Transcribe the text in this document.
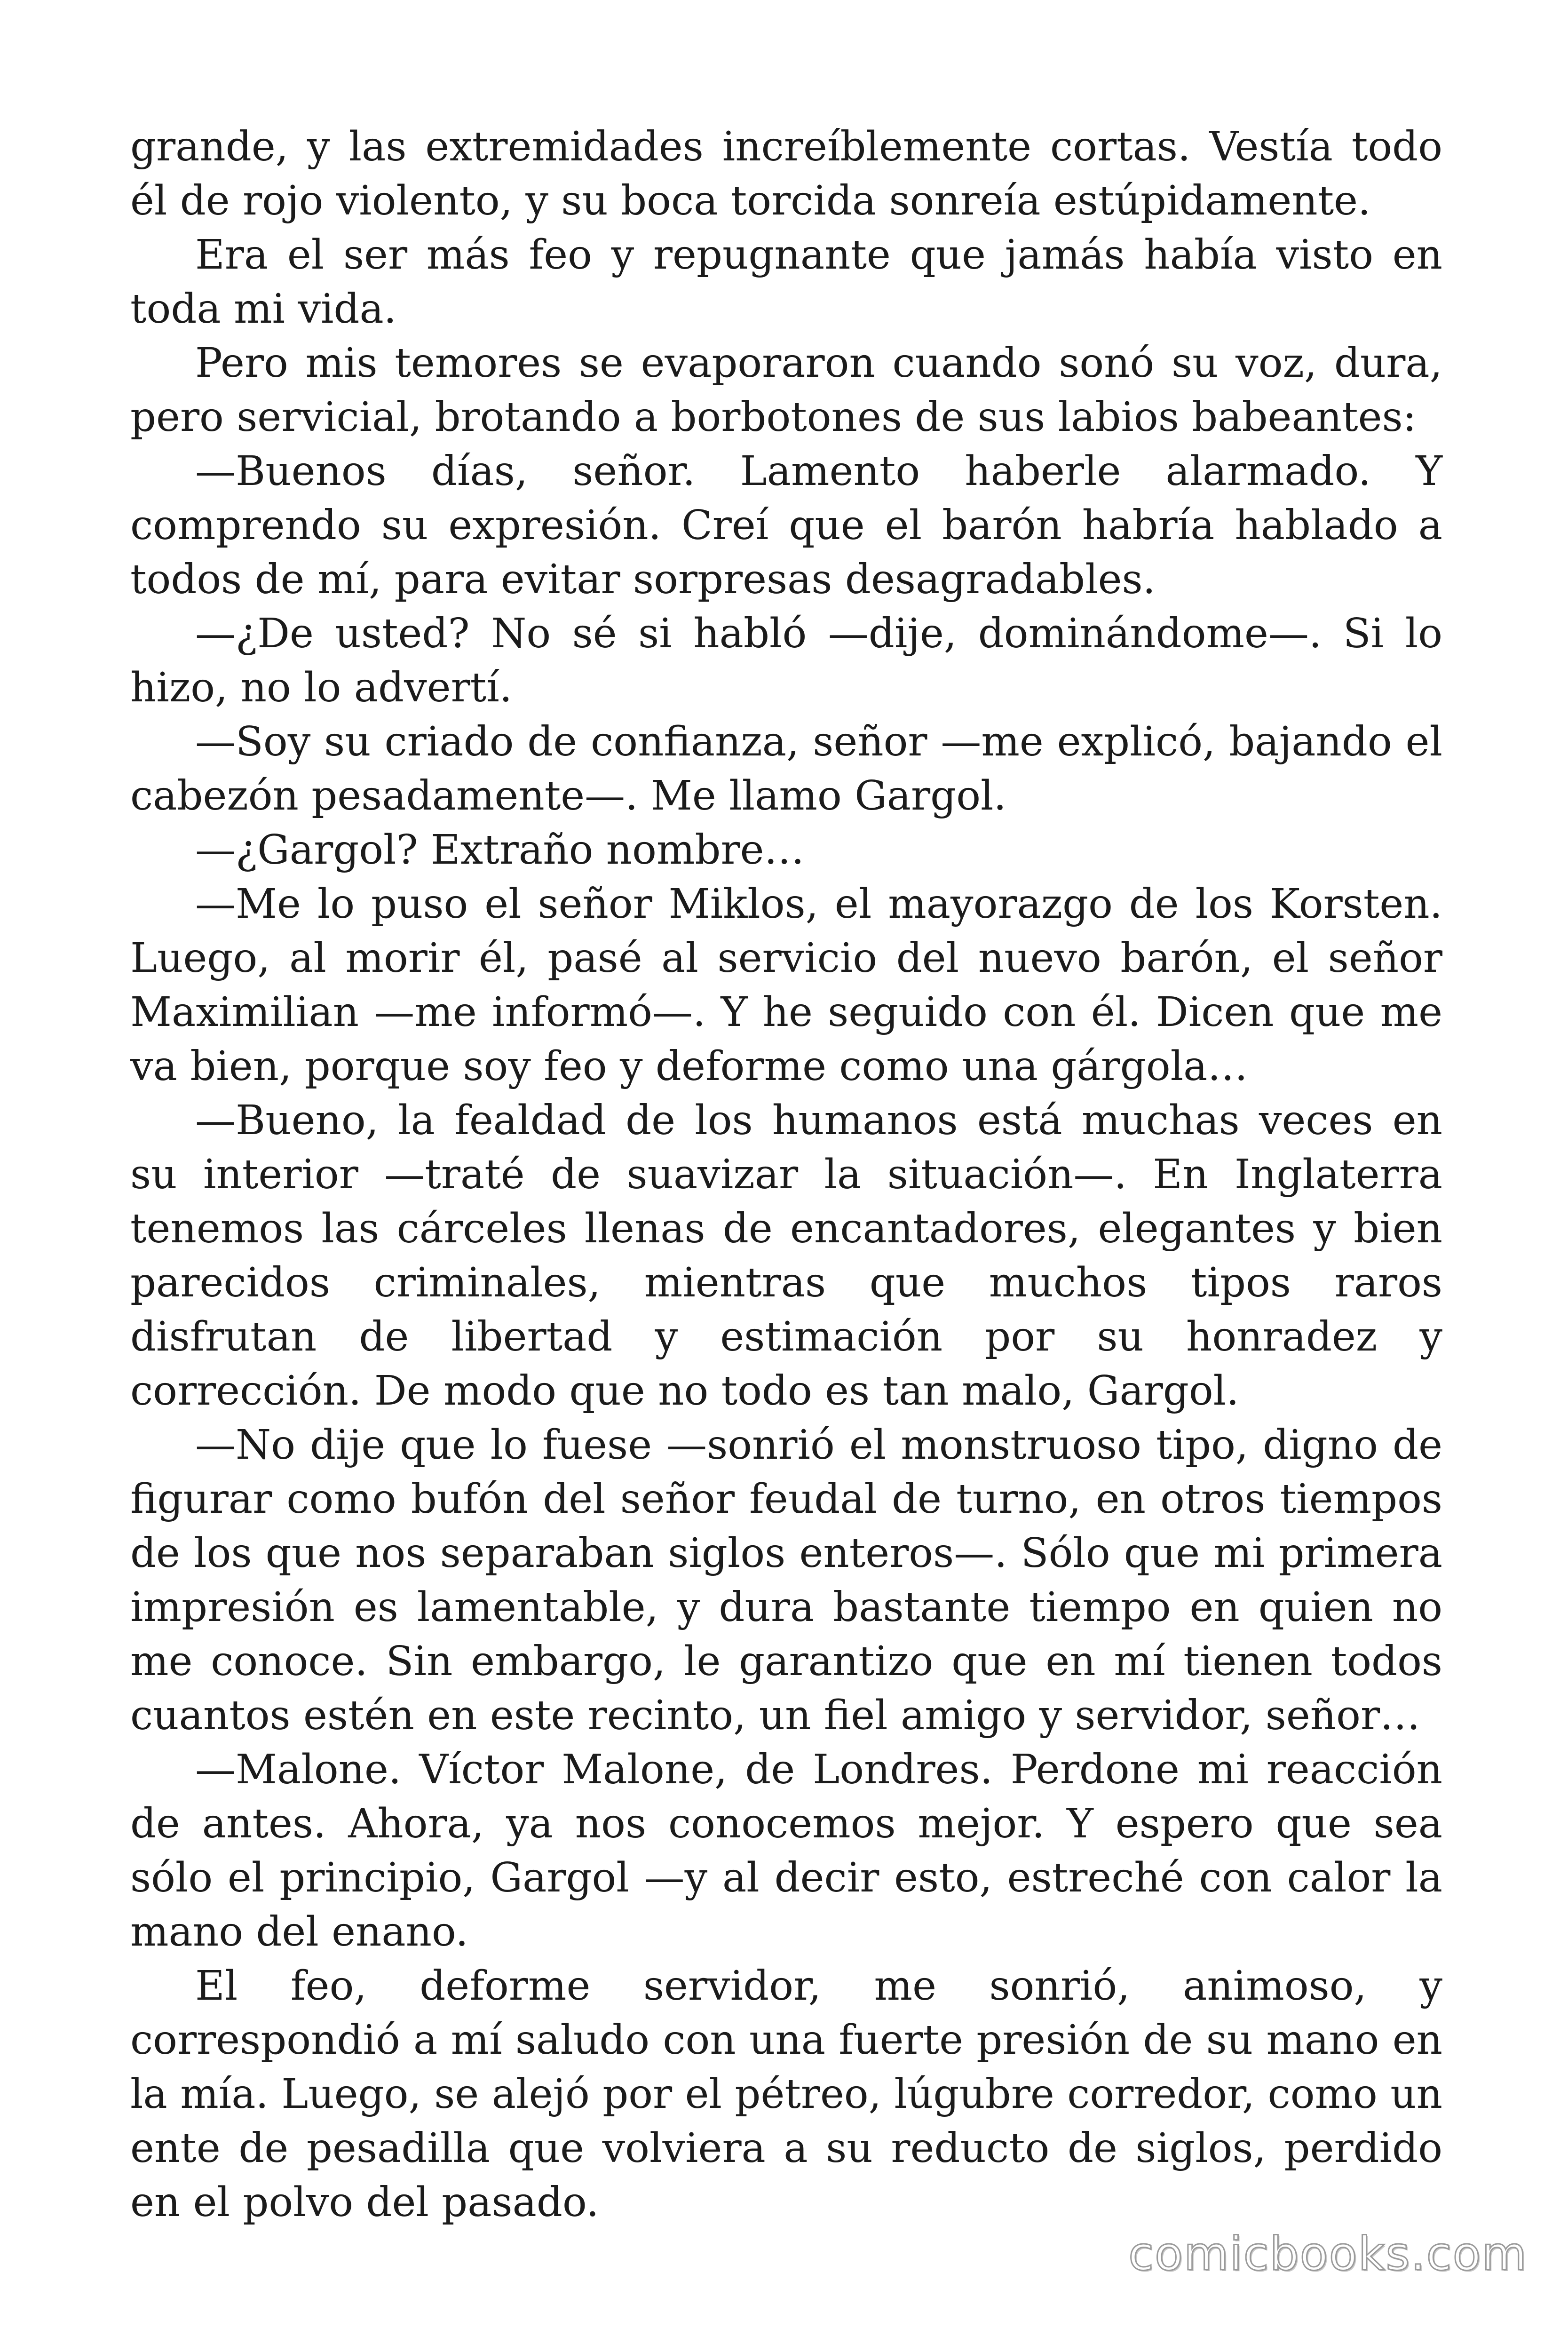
grande, y las extremidades increíblemente cortas. Vestía todo él de rojo violento, y su boca torcida sonreía estúpidamente.

Era el ser más feo y repugnante que jamás había visto en toda mi vida.

Pero mis temores se evaporaron cuando sonó su voz, dura, pero servicial, brotando a borbotones de sus labios babeantes:

—Buenos días, señor. Lamento haberle alarmado. Y comprendo su expresión. Creí que el barón habría hablado a todos de mí, para evitar sorpresas desagradables.

—¿De usted? No sé si habló —dije, dominándome—. Si lo hizo, no lo advertí.

—Soy su criado de confianza, señor —me explicó, bajando el cabezón pesadamente—. Me llamo Gargol.

—¿Gargol? Extraño nombre…

—Me lo puso el señor Miklos, el mayorazgo de los Korsten. Luego, al morir él, pasé al servicio del nuevo barón, el señor Maximilian —me informó—. Y he seguido con él. Dicen que me va bien, porque soy feo y deforme como una gárgola…

—Bueno, la fealdad de los humanos está muchas veces en su interior —traté de suavizar la situación—. En Inglaterra tenemos las cárceles llenas de encantadores, elegantes y bien parecidos criminales, mientras que muchos tipos raros disfrutan de libertad y estimación por su honradez y corrección. De modo que no todo es tan malo, Gargol.

—No dije que lo fuese —sonrió el monstruoso tipo, digno de figurar como bufón del señor feudal de turno, en otros tiempos de los que nos separaban siglos enteros—. Sólo que mi primera impresión es lamentable, y dura bastante tiempo en quien no me conoce. Sin embargo, le garantizo que en mí tienen todos cuantos estén en este recinto, un fiel amigo y servidor, señor…

—Malone. Víctor Malone, de Londres. Perdone mi reacción de antes. Ahora, ya nos conocemos mejor. Y espero que sea sólo el principio, Gargol —y al decir esto, estreché con calor la mano del enano.

El feo, deforme servidor, me sonrió, animoso, y correspondió a mí saludo con una fuerte presión de su mano en la mía. Luego, se alejó por el pétreo, lúgubre corredor, como un ente de pesadilla que volviera a su reducto de siglos, perdido en el polvo del pasado.

comicbooks.com
